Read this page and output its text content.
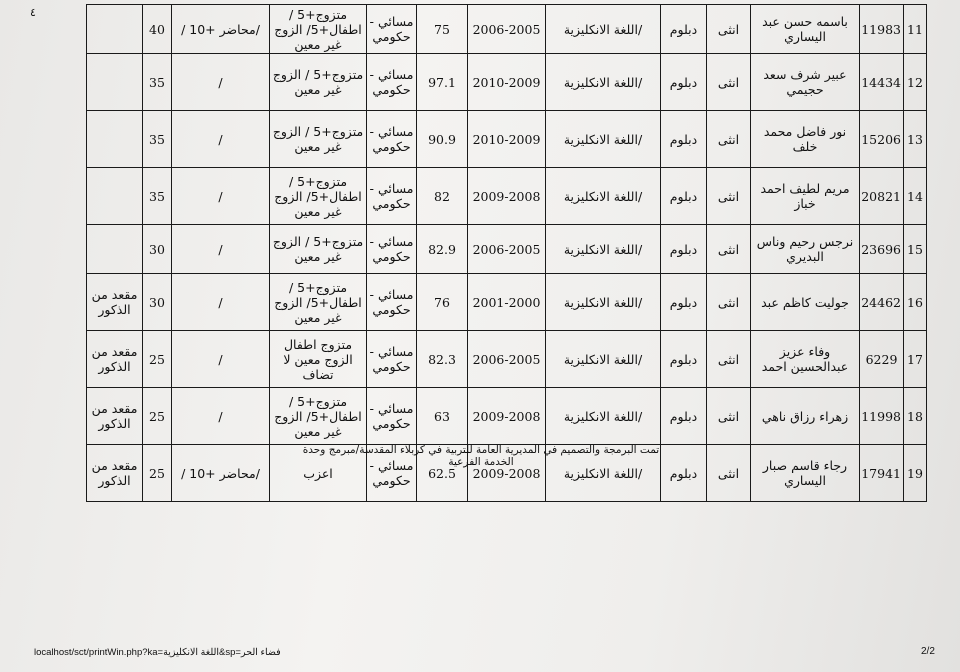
٤
11	11983	باسمه حسن عبد اليساري	انثى	دبلوم	/اللغة الانكليزية	2006-2005	75	مسائي - حكومي	متزوج+5 / اطفال+5/ الزوج غير معين	/محاضر +10 /	40	
12	14434	عبير شرف سعد حجيمي	انثى	دبلوم	/اللغة الانكليزية	2010-2009	97.1	مسائي - حكومي	متزوج+5 / الزوج غير معين	/	35	
13	15206	نور فاضل محمد خلف	انثى	دبلوم	/اللغة الانكليزية	2010-2009	90.9	مسائي - حكومي	متزوج+5 / الزوج غير معين	/	35	
14	20821	مريم لطيف احمد خباز	انثى	دبلوم	/اللغة الانكليزية	2009-2008	82	مسائي - حكومي	متزوج+5 / اطفال+5/ الزوج غير معين	/	35	
15	23696	نرجس رحيم وناس البديري	انثى	دبلوم	/اللغة الانكليزية	2006-2005	82.9	مسائي - حكومي	متزوج+5 / الزوج غير معين	/	30	
16	24462	جوليت كاظم عبد	انثى	دبلوم	/اللغة الانكليزية	2001-2000	76	مسائي - حكومي	متزوج+5 / اطفال+5/ الزوج غير معين	/	30	مقعد من الذكور
17	6229	وفاء عزيز عبدالحسين احمد	انثى	دبلوم	/اللغة الانكليزية	2006-2005	82.3	مسائي - حكومي	متزوج اطفال الزوج معين لا تضاف	/	25	مقعد من الذكور
18	11998	زهراء رزاق ناهي	انثى	دبلوم	/اللغة الانكليزية	2009-2008	63	مسائي - حكومي	متزوج+5 / اطفال+5/ الزوج غير معين	/	25	مقعد من الذكور
19	17941	رجاء قاسم صبار اليساري	انثى	دبلوم	/اللغة الانكليزية	2009-2008	62.5	مسائي - حكومي	اعزب	/محاضر +10 /	25	مقعد من الذكور
تمت البرمجة والتصميم في المديرية العامة للتربية في كربلاء المقدسة/مبرمج وحدة الخدمة الفرعية
localhost/sct/printWin.php?ka=اللغة الانكليزية&sp=فضاء الحر	2/2
